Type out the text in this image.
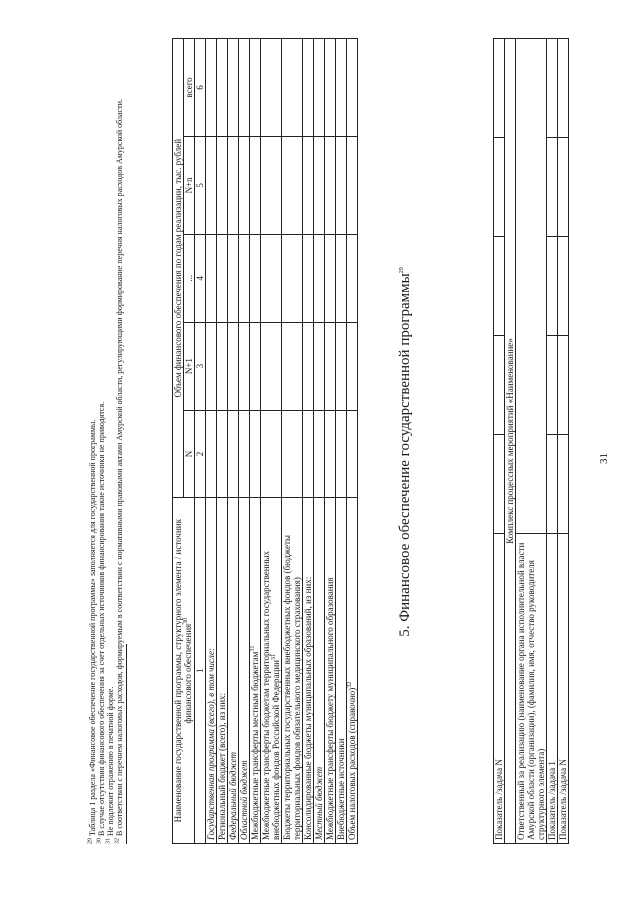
31
Показатель /задача N					
Комплекс процессных мероприятий «Наименование»					
Ответственный за реализацию (наименование органа исполнительной власти Амурской области (организации), (фамилия, имя, отчество руководителя структурного элемента)					
Показатель /задача 1					
Показатель /задача N					
5. Финансовое обеспечение государственной программы$^{29}$
Наименование государственной программы, структурного элемента / источник финансового обеспечения$^{30}$	Объем финансового обеспечения по годам реализации, тыс. рублей				
	N	N+1	...	N+n	всего
1	2	3	4	5	6
Государственная программа (всего), в том числе:					
Региональный бюджет (всего), из них:					
Федеральный бюджет					
Областной бюджет					
Межбюджетные трансферты местным бюджетам$^{31}$					
Межбюджетные трансферты бюджетам территориальных государственных внебюджетных фондов Российской Федерации$^{31}$					
Бюджеты территориальных государственных внебюджетных фондов (бюджеты территориальных фондов обязательного медицинского страхования)					
Консолидированные бюджеты муниципальных образований, из них:					
Местный бюджет					
Межбюджетные трансферты бюджету муниципального образования					
Внебюджетные источники					
Объем налоговых расходов (справочно)$^{32}$					
$^{29}$ Таблица 1 раздела «Финансовое обеспечение государственной программы» заполняется для государственной программы.
$^{30}$ В случае отсутствия финансового обеспечения за счет отдельных источников финансирования такие источники не приводятся.
$^{31}$ Не подлежит отражению в печатной форме.
$^{32}$ В соответствии с перечнем налоговых расходов, формируемым в соответствии с нормативными правовыми актами Амурской области, регулирующими формирование перечня налоговых расходов Амурской области.
